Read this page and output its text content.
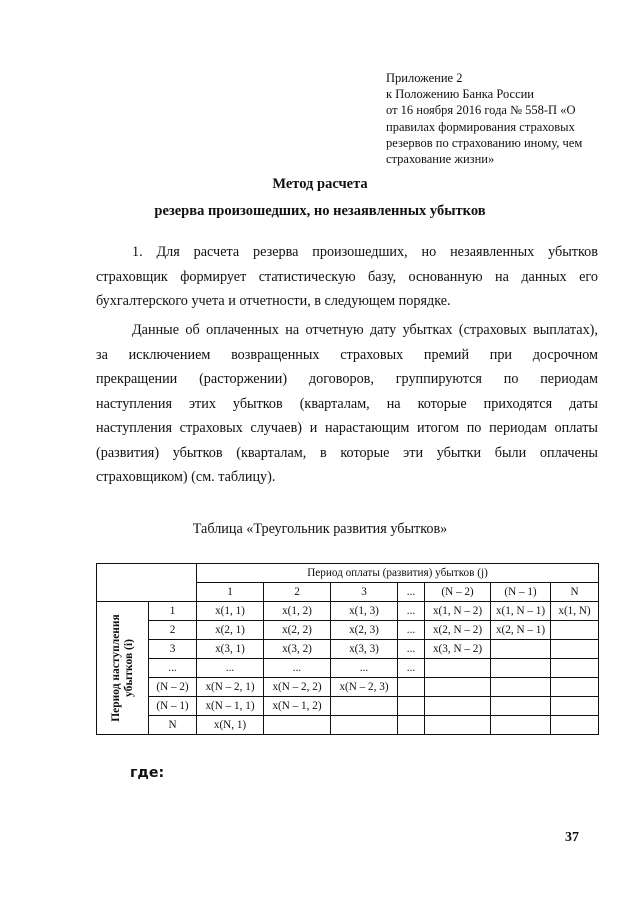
Приложение 2
к Положению Банка России
от 16 ноября 2016 года № 558-П «О
правилах формирования страховых
резервов по страхованию иному, чем
страхование жизни»
Метод расчета
резерва произошедших, но незаявленных убытков
1. Для расчета резерва произошедших, но незаявленных убытков
страховщик формирует статистическую базу, основанную на данных его
бухгалтерского учета и отчетности, в следующем порядке.
Данные об оплаченных на отчетную дату убытках (страховых выплатах),
за исключением возвращенных страховых премий при досрочном
прекращении (расторжении) договоров, группируются по периодам
наступления этих убытков (кварталам, на которые приходятся даты
наступления страховых случаев) и нарастающим итогом по периодам оплаты
(развития) убытков (кварталам, в которые эти убытки были оплачены
страховщиком) (см. таблицу).
Таблица «Треугольник развития убытков»
		Период оплаты (развития) убытков (j)						
		1	2	3	...	(N – 2)	(N – 1)	N

Период наступления убытков (i)	1	x(1, 1)	x(1, 2)	x(1, 3)	...	x(1, N – 2)	x(1, N – 1)	x(1, N)
	2	x(2, 1)	x(2, 2)	x(2, 3)	...	x(2, N – 2)	x(2, N – 1)	
	3	x(3, 1)	x(3, 2)	x(3, 3)	...	x(3, N – 2)		
	...	...	...	...	...			
	(N – 2)	x(N – 2, 1)	x(N – 2, 2)	x(N – 2, 3)				
	(N – 1)	x(N – 1, 1)	x(N – 1, 2)					
	N	x(N, 1)						
где:
37
